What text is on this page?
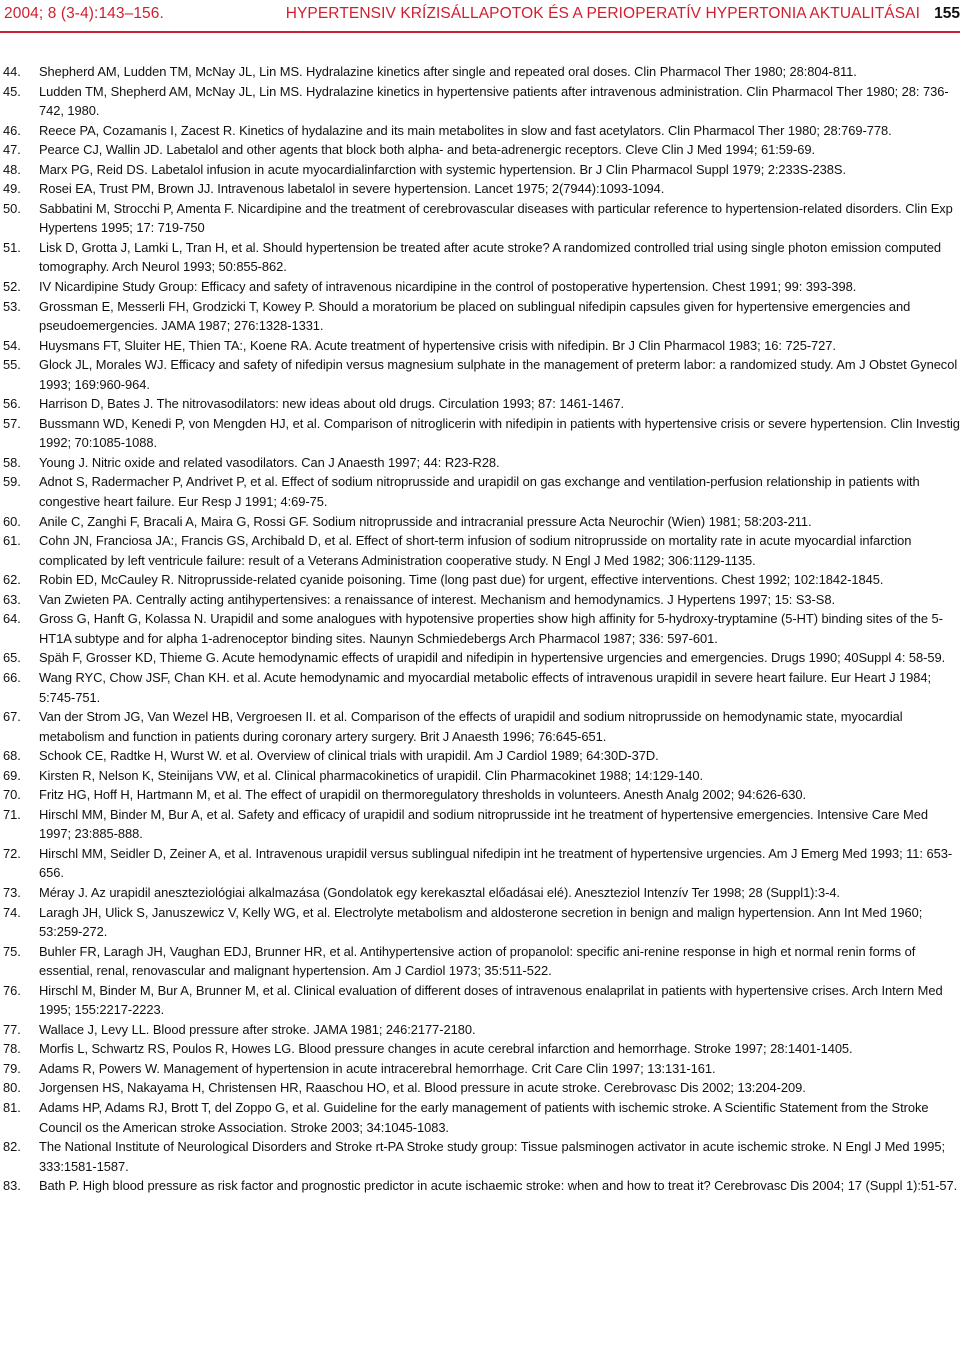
2004; 8 (3-4):143–156.	HYPERTENSIV KRÍZISÁLLAPOTOK ÉS A PERIOPERATÍV HYPERTONIA AKTUALITÁSAI 155
44. Shepherd AM, Ludden TM, McNay JL, Lin MS. Hydralazine kinetics after single and repeated oral doses. Clin Pharmacol Ther 1980; 28:804-811.
45. Ludden TM, Shepherd AM, McNay JL, Lin MS. Hydralazine kinetics in hypertensive patients after intravenous administration. Clin Pharmacol Ther 1980; 28: 736-742, 1980.
46. Reece PA, Cozamanis I, Zacest R. Kinetics of hydalazine and its main metabolites in slow and fast acetylators. Clin Pharmacol Ther 1980; 28:769-778.
47. Pearce CJ, Wallin JD. Labetalol and other agents that block both alpha- and beta-adrenergic receptors. Cleve Clin J Med 1994; 61:59-69.
48. Marx PG, Reid DS. Labetalol infusion in acute myocardialinfarction with systemic hypertension. Br J Clin Pharmacol Suppl 1979; 2:233S-238S.
49. Rosei EA, Trust PM, Brown JJ. Intravenous labetalol in severe hypertension. Lancet 1975; 2(7944):1093-1094.
50. Sabbatini M, Strocchi P, Amenta F. Nicardipine and the treatment of cerebrovascular diseases with particular reference to hypertension-related disorders. Clin Exp Hypertens 1995; 17: 719-750
51. Lisk D, Grotta J, Lamki L, Tran H, et al. Should hypertension be treated after acute stroke? A randomized controlled trial using single photon emission computed tomography. Arch Neurol 1993; 50:855-862.
52. IV Nicardipine Study Group: Efficacy and safety of intravenous nicardipine in the control of postoperative hypertension. Chest 1991; 99: 393-398.
53. Grossman E, Messerli FH, Grodzicki T, Kowey P. Should a moratorium be placed on sublingual nifedipin capsules given for hypertensive emergencies and pseudoemergencies. JAMA 1987; 276:1328-1331.
54. Huysmans FT, Sluiter HE, Thien TA:, Koene RA. Acute treatment of hypertensive crisis with nifedipin. Br J Clin Pharmacol 1983; 16: 725-727.
55. Glock JL, Morales WJ. Efficacy and safety of nifedipin versus magnesium sulphate in the management of preterm labor: a randomized study. Am J Obstet Gynecol 1993; 169:960-964.
56. Harrison D, Bates J. The nitrovasodilators: new ideas about old drugs. Circulation 1993; 87: 1461-1467.
57. Bussmann WD, Kenedi P, von Mengden HJ, et al. Comparison of nitroglicerin with nifedipin in patients with hypertensive crisis or severe hypertension. Clin Investig 1992; 70:1085-1088.
58. Young J. Nitric oxide and related vasodilators. Can J Anaesth 1997; 44: R23-R28.
59. Adnot S, Radermacher P, Andrivet P, et al. Effect of sodium nitroprusside and urapidil on gas exchange and ventilation-perfusion relationship in patients with congestive heart failure. Eur Resp J 1991; 4:69-75.
60. Anile C, Zanghi F, Bracali A, Maira G, Rossi GF. Sodium nitroprusside and intracranial pressure Acta Neurochir (Wien) 1981; 58:203-211.
61. Cohn JN, Franciosa JA:, Francis GS, Archibald D, et al. Effect of short-term infusion of sodium nitroprusside on mortality rate in acute myocardial infarction complicated by left ventricule failure: result of a Veterans Administration cooperative study. N Engl J Med 1982; 306:1129-1135.
62. Robin ED, McCauley R. Nitroprusside-related cyanide poisoning. Time (long past due) for urgent, effective interventions. Chest 1992; 102:1842-1845.
63. Van Zwieten PA. Centrally acting antihypertensives: a renaissance of interest. Mechanism and hemodynamics. J Hypertens 1997; 15: S3-S8.
64. Gross G, Hanft G, Kolassa N. Urapidil and some analogues with hypotensive properties show high affinity for 5-hydroxy-tryptamine (5-HT) binding sites of the 5-HT1A subtype and for alpha 1-adrenoceptor binding sites. Naunyn Schmiedebergs Arch Pharmacol 1987; 336: 597-601.
65. Späh F, Grosser KD, Thieme G. Acute hemodynamic effects of urapidil and nifedipin in hypertensive urgencies and emergencies. Drugs 1990; 40Suppl 4: 58-59.
66. Wang RYC, Chow JSF, Chan KH. et al. Acute hemodynamic and myocardial metabolic effects of intravenous urapidil in severe heart failure. Eur Heart J 1984; 5:745-751.
67. Van der Strom JG, Van Wezel HB, Vergroesen II. et al. Comparison of the effects of urapidil and sodium nitroprusside on hemodynamic state, myocardial metabolism and function in patients during coronary artery surgery. Brit J Anaesth 1996; 76:645-651.
68. Schook CE, Radtke H, Wurst W. et al. Overview of clinical trials with urapidil. Am J Cardiol 1989; 64:30D-37D.
69. Kirsten R, Nelson K, Steinijans VW, et al. Clinical pharmacokinetics of urapidil. Clin Pharmacokinet 1988; 14:129-140.
70. Fritz HG, Hoff H, Hartmann M, et al. The effect of urapidil on thermoregulatory thresholds in volunteers. Anesth Analg 2002; 94:626-630.
71. Hirschl MM, Binder M, Bur A, et al. Safety and efficacy of urapidil and sodium nitroprusside int he treatment of hypertensive emergencies. Intensive Care Med 1997; 23:885-888.
72. Hirschl MM, Seidler D, Zeiner A, et al. Intravenous urapidil versus sublingual nifedipin int he treatment of hypertensive urgencies. Am J Emerg Med 1993; 11: 653-656.
73. Méray J. Az urapidil aneszteziológiai alkalmazása (Gondolatok egy kerekasztal előadásai elé). Aneszteziol Intenzív Ter 1998; 28 (Suppl1):3-4.
74. Laragh JH, Ulick S, Januszewicz V, Kelly WG, et al. Electrolyte metabolism and aldosterone secretion in benign and malign hypertension. Ann Int Med 1960; 53:259-272.
75. Buhler FR, Laragh JH, Vaughan EDJ, Brunner HR, et al. Antihypertensive action of propanolol: specific ani-renine response in high et normal renin forms of essential, renal, renovascular and malignant hypertension. Am J Cardiol 1973; 35:511-522.
76. Hirschl M, Binder M, Bur A, Brunner M, et al. Clinical evaluation of different doses of intravenous enalaprilat in patients with hypertensive crises. Arch Intern Med 1995; 155:2217-2223.
77. Wallace J, Levy LL. Blood pressure after stroke. JAMA 1981; 246:2177-2180.
78. Morfis L, Schwartz RS, Poulos R, Howes LG. Blood pressure changes in acute cerebral infarction and hemorrhage. Stroke 1997; 28:1401-1405.
79. Adams R, Powers W. Management of hypertension in acute intracerebral hemorrhage. Crit Care Clin 1997; 13:131-161.
80. Jorgensen HS, Nakayama H, Christensen HR, Raaschou HO, et al. Blood pressure in acute stroke. Cerebrovasc Dis 2002; 13:204-209.
81. Adams HP, Adams RJ, Brott T, del Zoppo G, et al. Guideline for the early management of patients with ischemic stroke. A Scientific Statement from the Stroke Council os the American stroke Association. Stroke 2003; 34:1045-1083.
82. The National Institute of Neurological Disorders and Stroke rt-PA Stroke study group: Tissue palsminogen activator in acute ischemic stroke. N Engl J Med 1995; 333:1581-1587.
83. Bath P. High blood pressure as risk factor and prognostic predictor in acute ischaemic stroke: when and how to treat it? Cerebrovasc Dis 2004; 17 (Suppl 1):51-57.
